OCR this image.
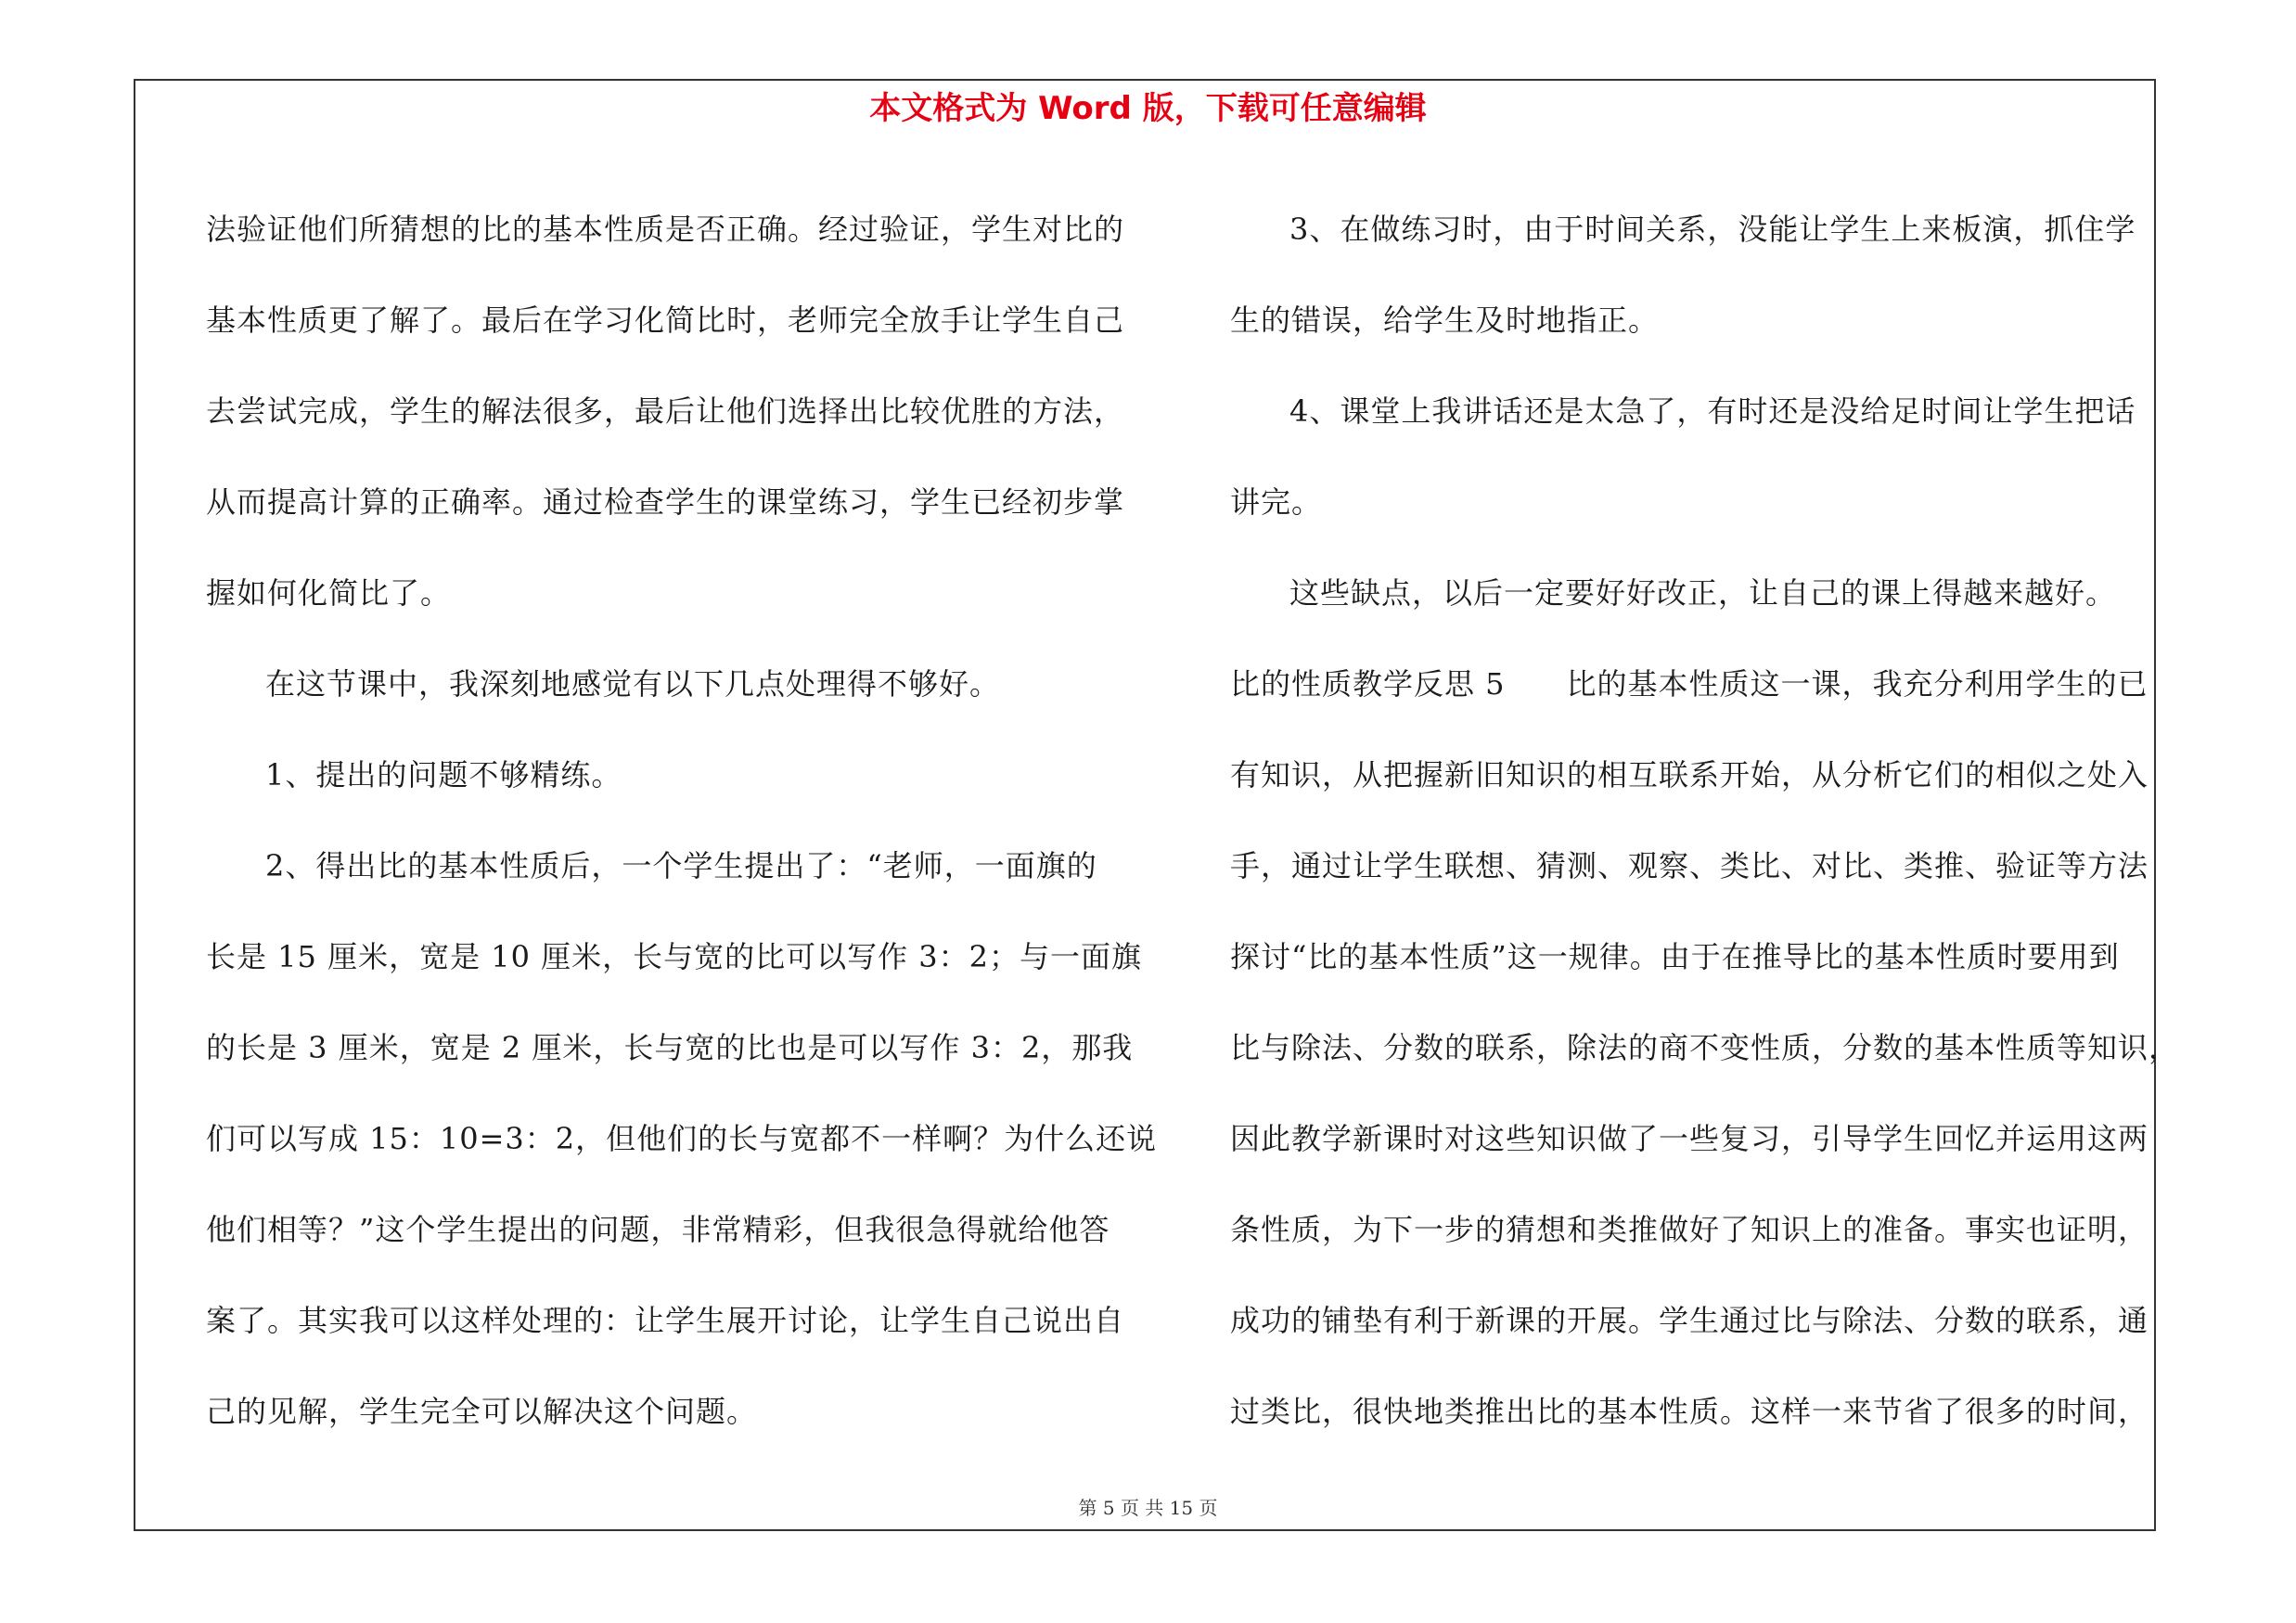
本文格式为 Word 版，下载可任意编辑
法验证他们所猜想的比的基本性质是否正确。经过验证，学生对比的
基本性质更了解了。最后在学习化简比时，老师完全放手让学生自己
去尝试完成，学生的解法很多，最后让他们选择出比较优胜的方法，
从而提高计算的正确率。通过检查学生的课堂练习，学生已经初步掌
握如何化简比了。
在这节课中，我深刻地感觉有以下几点处理得不够好。
1、提出的问题不够精练。
2、得出比的基本性质后，一个学生提出了：“老师，一面旗的
长是 15 厘米，宽是 10 厘米，长与宽的比可以写作 3：2；与一面旗
的长是 3 厘米，宽是 2 厘米，长与宽的比也是可以写作 3：2，那我
们可以写成 15：10=3：2，但他们的长与宽都不一样啊？为什么还说
他们相等？”这个学生提出的问题，非常精彩，但我很急得就给他答
案了。其实我可以这样处理的：让学生展开讨论，让学生自己说出自
己的见解，学生完全可以解决这个问题。
3、在做练习时，由于时间关系，没能让学生上来板演，抓住学
生的错误，给学生及时地指正。
4、课堂上我讲话还是太急了，有时还是没给足时间让学生把话
讲完。
这些缺点，以后一定要好好改正，让自己的课上得越来越好。
比的性质教学反思 5　　比的基本性质这一课，我充分利用学生的已
有知识，从把握新旧知识的相互联系开始，从分析它们的相似之处入
手，通过让学生联想、猜测、观察、类比、对比、类推、验证等方法
探讨“比的基本性质”这一规律。由于在推导比的基本性质时要用到
比与除法、分数的联系，除法的商不变性质，分数的基本性质等知识，
因此教学新课时对这些知识做了一些复习，引导学生回忆并运用这两
条性质，为下一步的猜想和类推做好了知识上的准备。事实也证明，
成功的铺垫有利于新课的开展。学生通过比与除法、分数的联系，通
过类比，很快地类推出比的基本性质。这样一来节省了很多的时间，
第 5 页 共 15 页
